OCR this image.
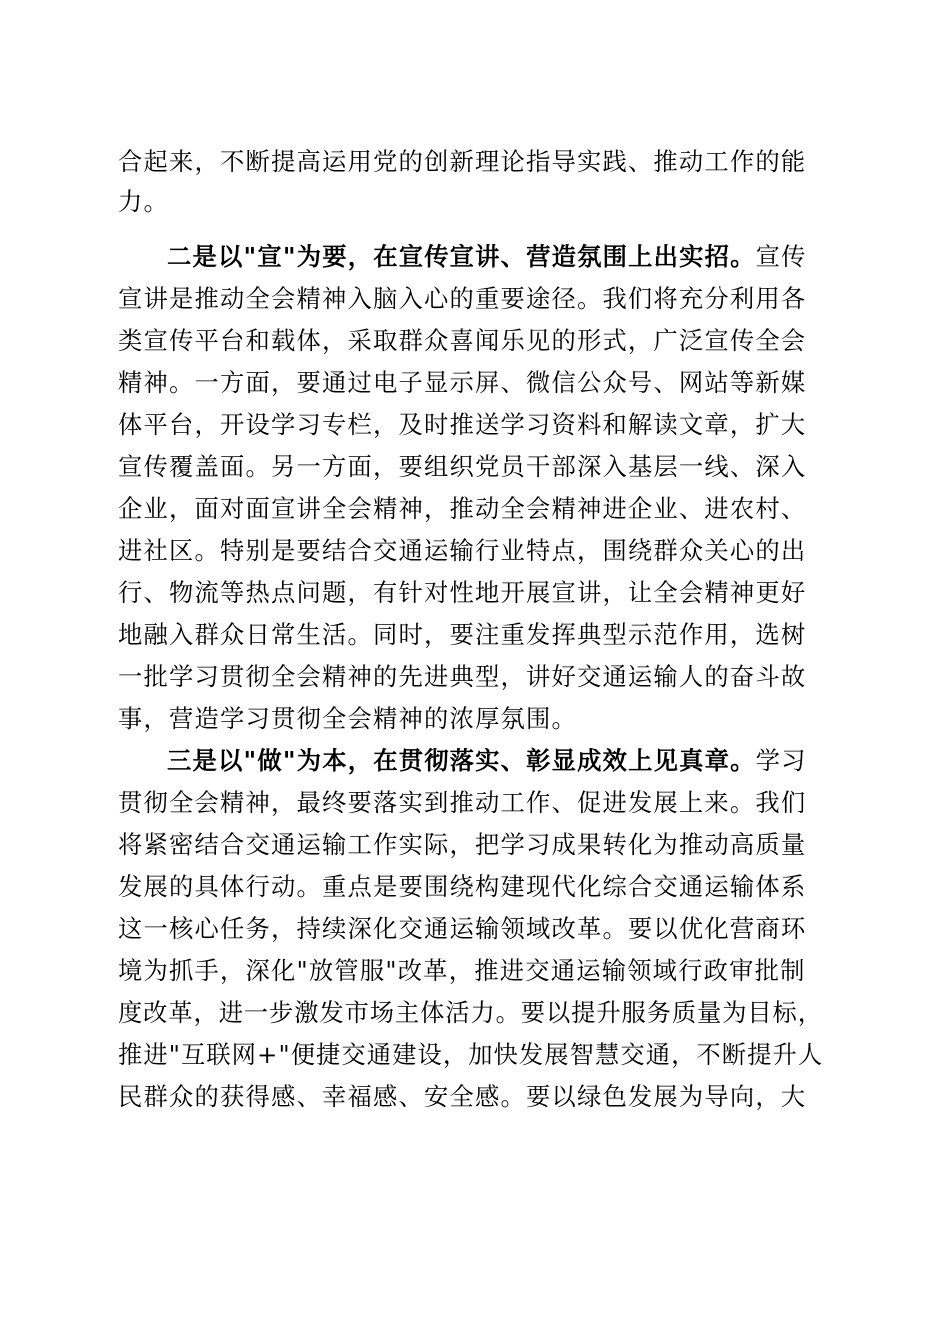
合起来，不断提高运用党的创新理论指导实践、推动工作的能
力。
二是以"宣"为要，在宣传宣讲、营造氛围上出实招。宣传
宣讲是推动全会精神入脑入心的重要途径。我们将充分利用各
类宣传平台和载体，采取群众喜闻乐见的形式，广泛宣传全会
精神。一方面，要通过电子显示屏、微信公众号、网站等新媒
体平台，开设学习专栏，及时推送学习资料和解读文章，扩大
宣传覆盖面。另一方面，要组织党员干部深入基层一线、深入
企业，面对面宣讲全会精神，推动全会精神进企业、进农村、
进社区。特别是要结合交通运输行业特点，围绕群众关心的出
行、物流等热点问题，有针对性地开展宣讲，让全会精神更好
地融入群众日常生活。同时，要注重发挥典型示范作用，选树
一批学习贯彻全会精神的先进典型，讲好交通运输人的奋斗故
事，营造学习贯彻全会精神的浓厚氛围。
三是以"做"为本，在贯彻落实、彰显成效上见真章。学习
贯彻全会精神，最终要落实到推动工作、促进发展上来。我们
将紧密结合交通运输工作实际，把学习成果转化为推动高质量
发展的具体行动。重点是要围绕构建现代化综合交通运输体系
这一核心任务，持续深化交通运输领域改革。要以优化营商环
境为抓手，深化"放管服"改革，推进交通运输领域行政审批制
度改革，进一步激发市场主体活力。要以提升服务质量为目标，
推进"互联网+"便捷交通建设，加快发展智慧交通，不断提升人
民群众的获得感、幸福感、安全感。要以绿色发展为导向，大
